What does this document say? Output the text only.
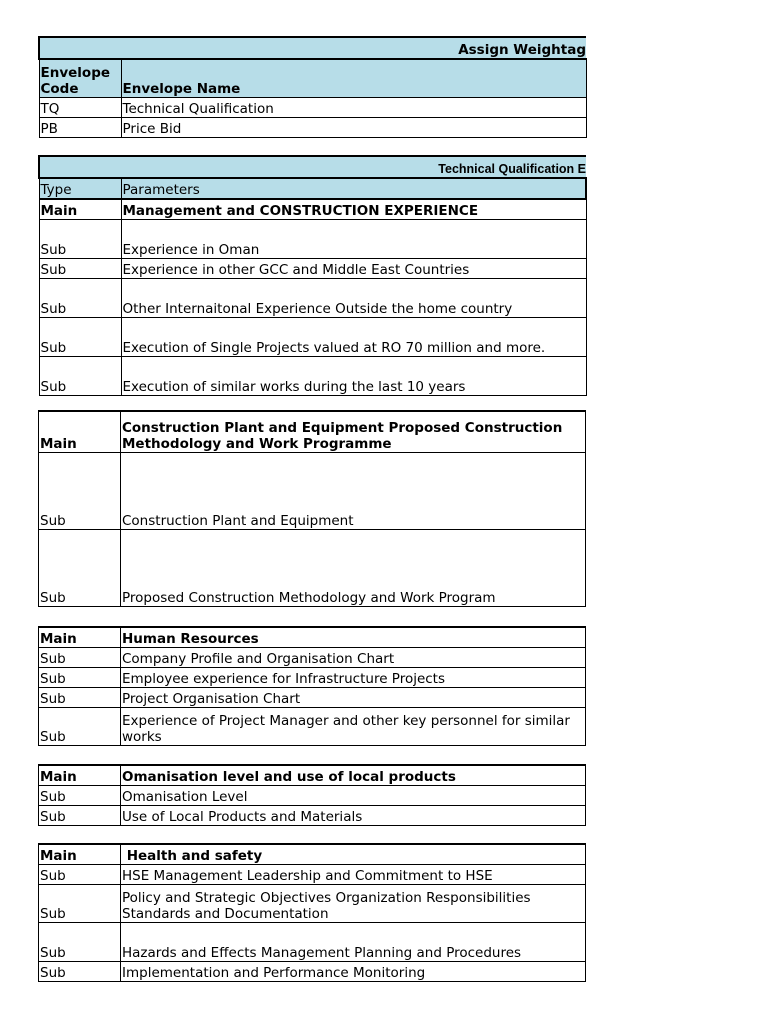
Assign Weightag	
Envelope Code	Envelope Name
TQ	Technical Qualification
PB	Price Bid
Technical Qualification E	
Type	Parameters
Main	Management and CONSTRUCTION EXPERIENCE
Sub	Experience in Oman
Sub	Experience in other GCC and Middle East Countries
Sub	Other Internaitonal Experience Outside the home country
Sub	Execution of Single Projects valued at RO 70 million and more.
Sub	Execution of similar works during the last 10 years
Main	Construction Plant and Equipment Proposed Construction Methodology and Work Programme
Sub	Construction Plant and Equipment
Sub	Proposed Construction Methodology and Work Program
Main	Human Resources
Sub	Company Profile and Organisation Chart
Sub	Employee experience for Infrastructure Projects
Sub	Project Organisation Chart
Sub	Experience of Project Manager and other key personnel for similar works
Main	Omanisation level and use of local products
Sub	Omanisation Level
Sub	Use of Local Products and Materials
Main	Health and safety
Sub	HSE Management Leadership and Commitment to HSE
Sub	Policy and Strategic Objectives Organization Responsibilities Standards and Documentation
Sub	Hazards and Effects Management Planning and Procedures
Sub	Implementation and Performance Monitoring
